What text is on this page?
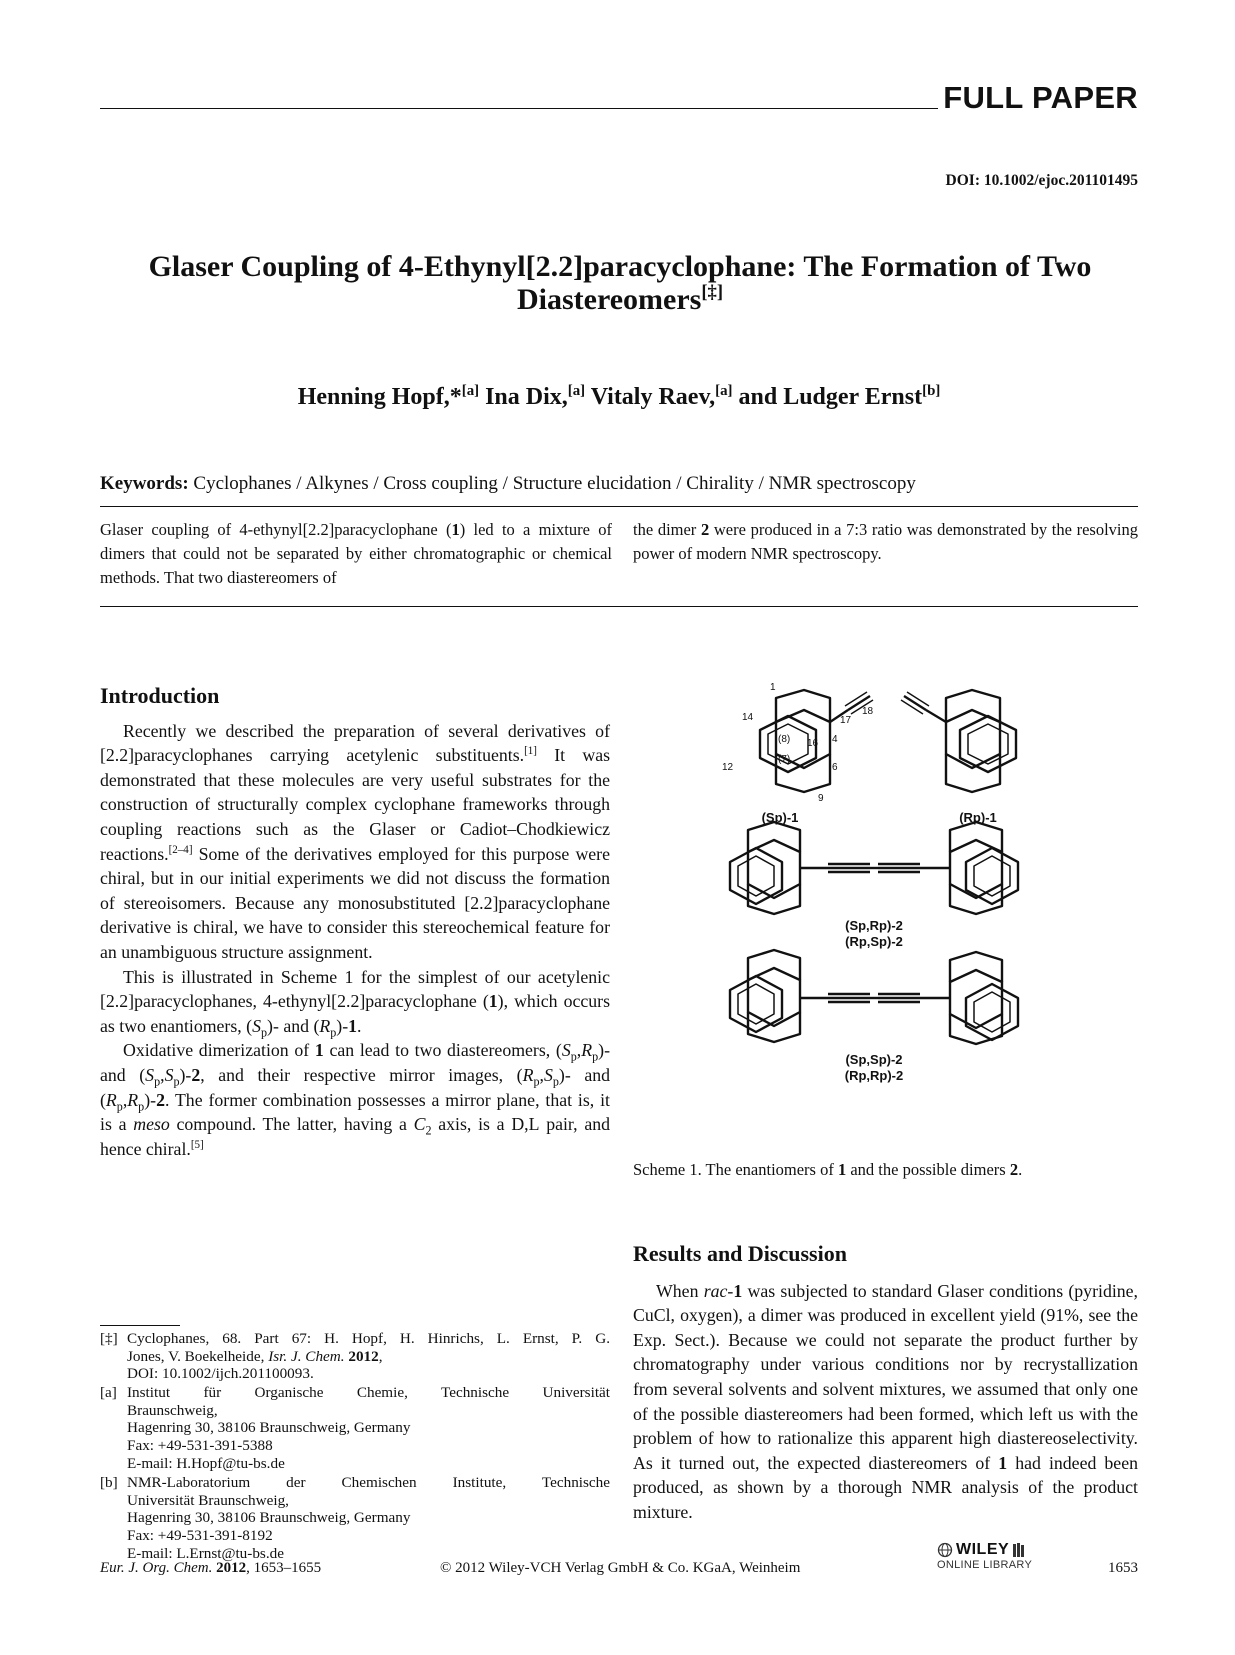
FULL PAPER
DOI: 10.1002/ejoc.201101495
Glaser Coupling of 4-Ethynyl[2.2]paracyclophane: The Formation of Two
Diastereomers[‡]
Henning Hopf,*[a] Ina Dix,[a] Vitaly Raev,[a] and Ludger Ernst[b]
Keywords: Cyclophanes / Alkynes / Cross coupling / Structure elucidation / Chirality / NMR spectroscopy
Glaser coupling of 4-ethynyl[2.2]paracyclophane (1) led to a mixture of dimers that could not be separated by either chromatographic or chemical methods. That two diastereomers of
the dimer 2 were produced in a 7:3 ratio was demonstrated by the resolving power of modern NMR spectroscopy.
Introduction

Recently we described the preparation of several derivatives of [2.2]paracyclophanes carrying acetylenic substituents.[1] It was demonstrated that these molecules are very useful substrates for the construction of structurally complex cyclophane frameworks through coupling reactions such as the Glaser or Cadiot–Chodkiewicz reactions.[2–4] Some of the derivatives employed for this purpose were chiral, but in our initial experiments we did not discuss the formation of stereoisomers. Because any monosubstituted [2.2]paracyclophane derivative is chiral, we have to consider this stereochemical feature for an unambiguous structure assignment.

This is illustrated in Scheme 1 for the simplest of our acetylenic [2.2]paracyclophanes, 4-ethynyl[2.2]paracyclophane (1), which occurs as two enantiomers, $(S_p)-$ and $(R_p)-1$.

Oxidative dimerization of 1 can lead to two diastereomers, $(S_p,R_p)-$ and $(S_p,S_p)-2$, and their respective mirror images, $(R_p,S_p)-$ and $(R_p,R_p)-2$. The former combination possesses a mirror plane, that is, it is a meso compound. The latter, having a $C_2$ axis, is a D,L pair, and hence chiral.[5]

1
14
(8)
(7)
12
16 4
17
18
6
9
(Sp)-1	(Rp)-1
(Sp,Rp)-2
(Rp,Sp)-2
(Sp,Sp)-2
(Rp,Rp)-2
Scheme 1. The enantiomers of 1 and the possible dimers 2.
Results and Discussion

When rac-1 was subjected to standard Glaser conditions (pyridine, CuCl, oxygen), a dimer was produced in excellent yield (91%, see the Exp. Sect.). Because we could not separate the product further by chromatography under various conditions nor by recrystallization from several solvents and solvent mixtures, we assumed that only one of the possible diastereomers had been formed, which left us with the problem of how to rationalize this apparent high diastereoselectivity. As it turned out, the expected diastereomers of 1 had indeed been produced, as shown by a thorough NMR analysis of the product mixture.

[‡] Cyclophanes, 68. Part 67: H. Hopf, H. Hinrichs, L. Ernst, P. G.
Jones, V. Boekelheide, Isr. J. Chem. 2012,
DOI: 10.1002/ijch.201100093.
[a] Institut für Organische Chemie, Technische Universität
Braunschweig,
Hagenring 30, 38106 Braunschweig, Germany
Fax: +49-531-391-5388
E-mail: H.Hopf@tu-bs.de
[b] NMR-Laboratorium der Chemischen Institute, Technische
Universität Braunschweig,
Hagenring 30, 38106 Braunschweig, Germany
Fax: +49-531-391-8192
E-mail: L.Ernst@tu-bs.de
Eur. J. Org. Chem. 2012, 1653–1655	© 2012 Wiley-VCH Verlag GmbH & Co. KGaA, Weinheim
WILEY
ONLINE LIBRARY	1653
